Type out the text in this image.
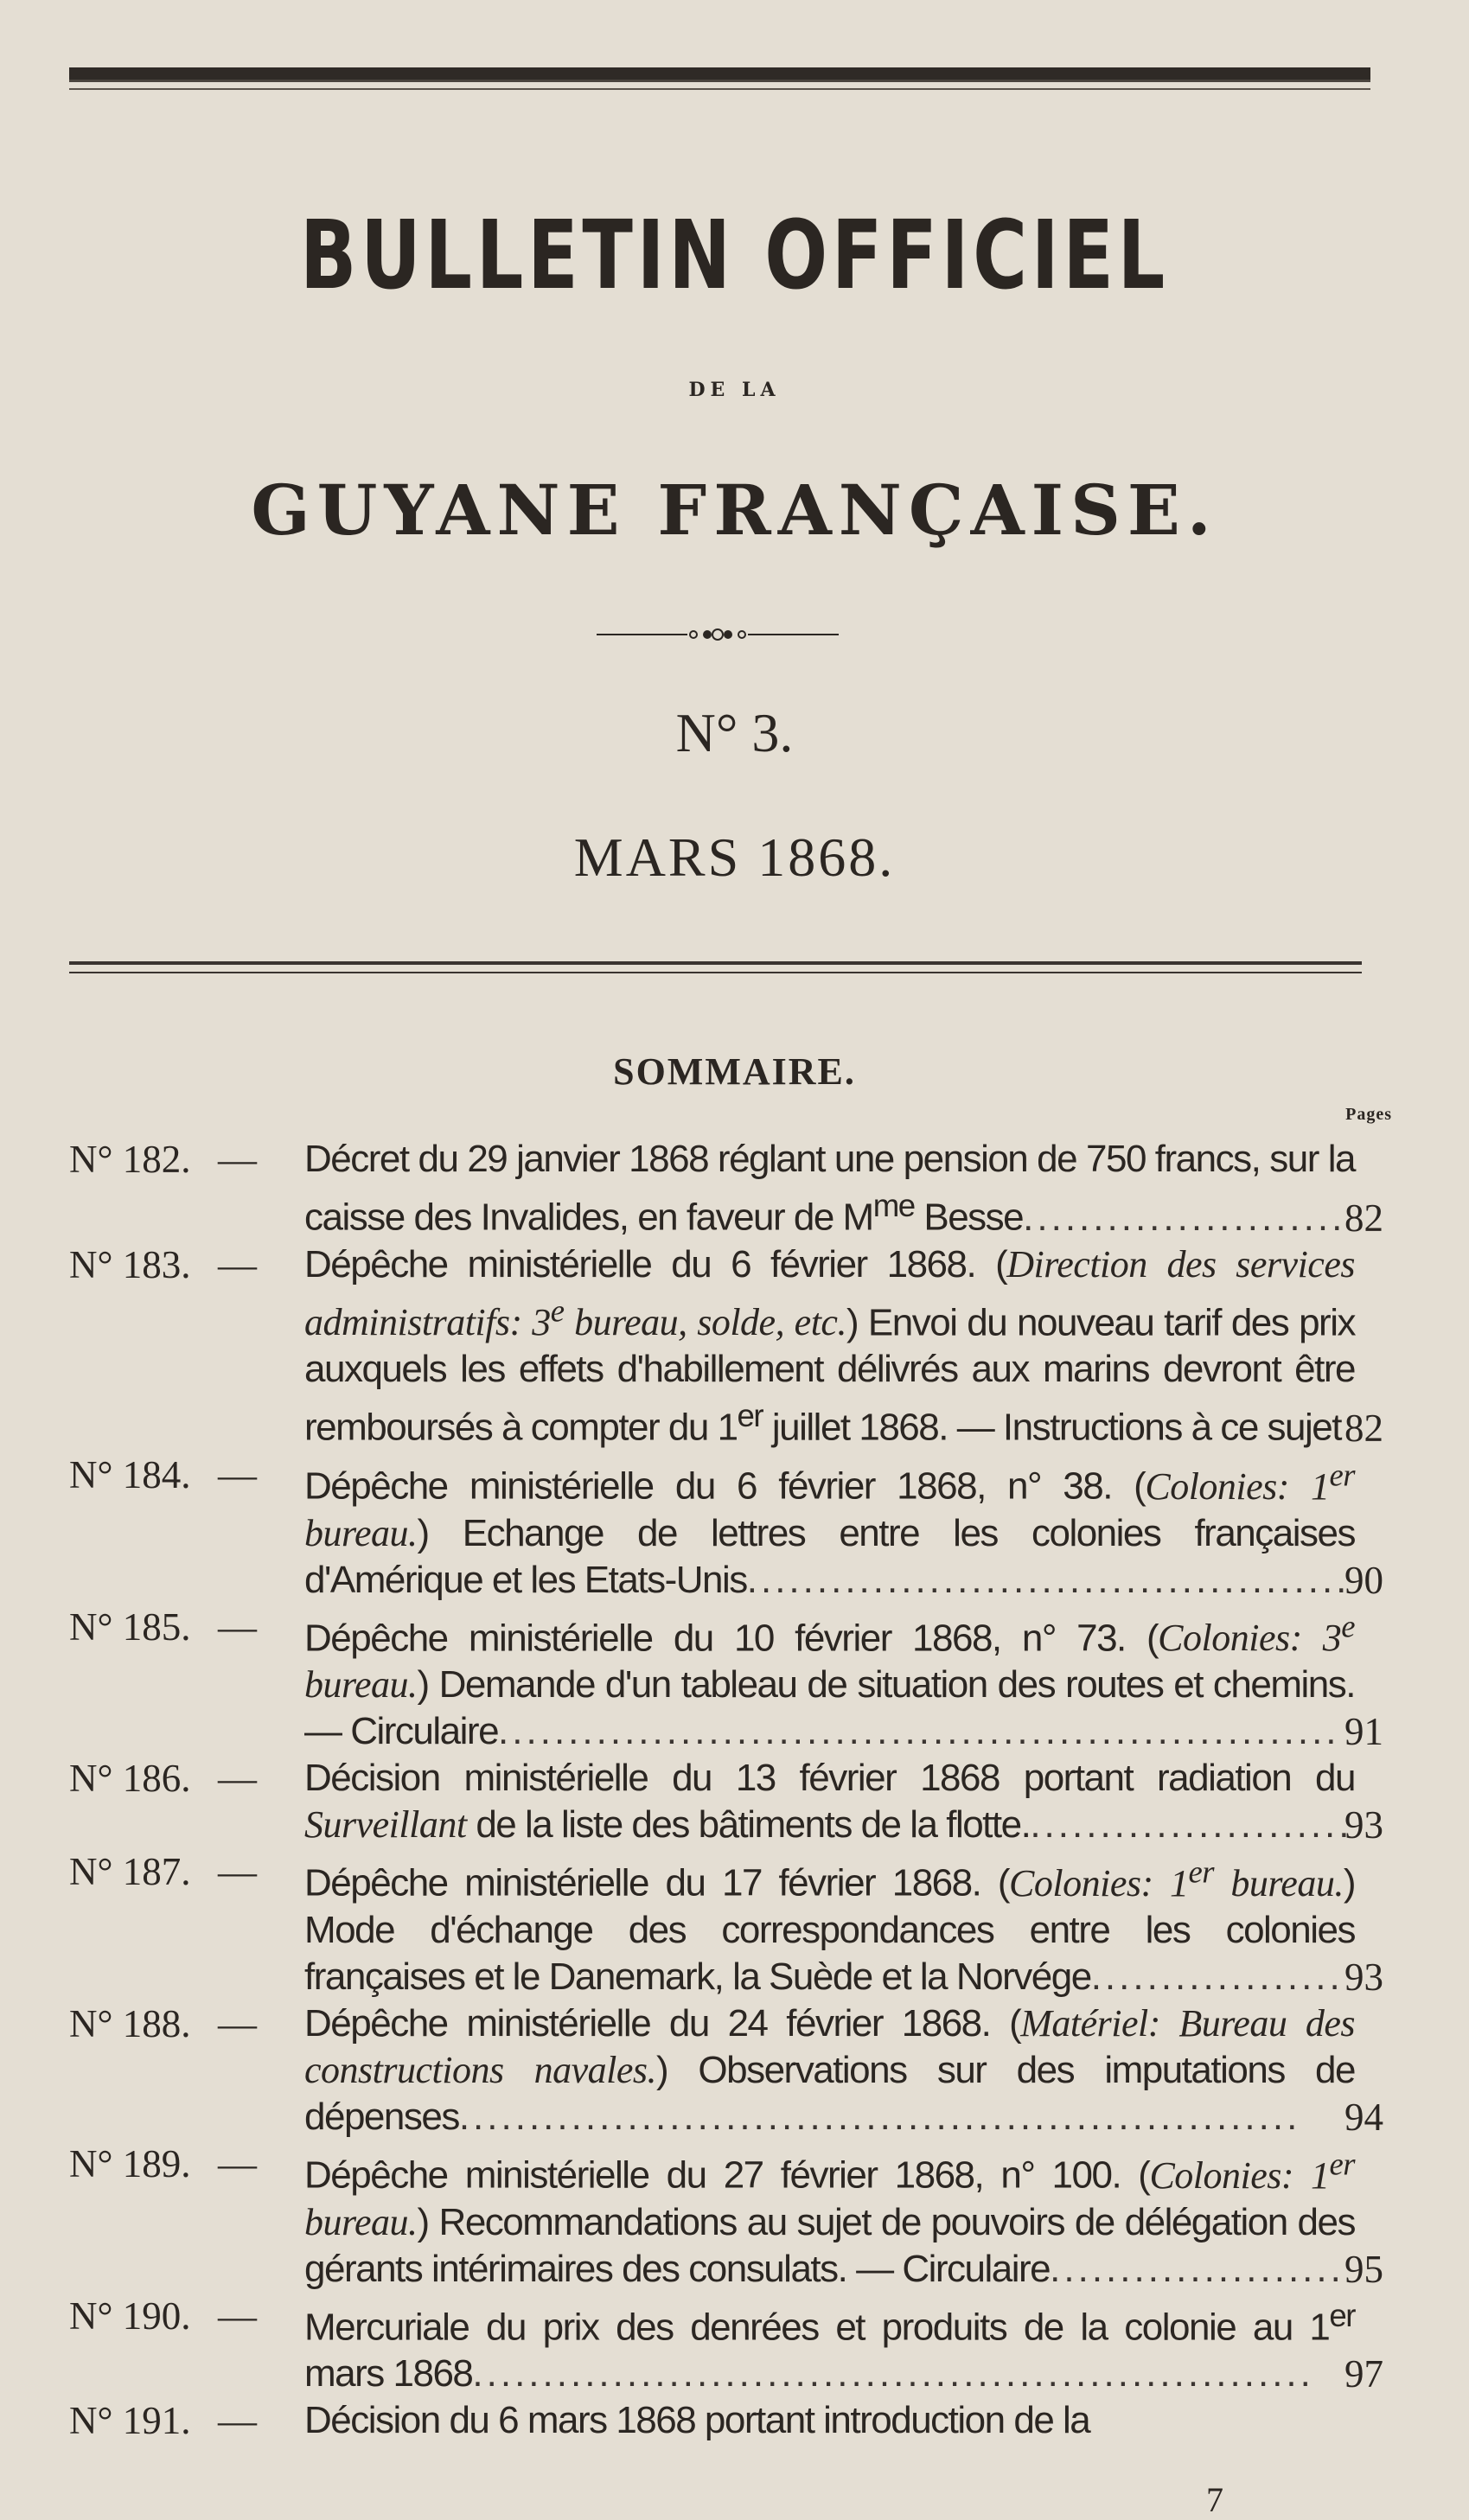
BULLETIN OFFICIEL
DE LA
GUYANE FRANÇAISE.
N° 3.
MARS 1868.
SOMMAIRE.
Pages
N° 182. — Décret du 29 janvier 1868 réglant une pension de 750 francs, sur la caisse des Invalides, en faveur de $M^{me}$ Besse.......................
82
N° 183. — Dépêche ministérielle du 6 février 1868. (Direction des services administratifs: 3e bureau, solde, etc.) Envoi du nouveau tarif des prix auxquels les effets d'habillement délivrés aux marins devront être remboursés à compter du 1er juillet 1868. — Instructions à ce sujet 82
N° 184. — Dépêche ministérielle du 6 février 1868, n° 38. (Colonies: 1er bureau.) Echange de lettres entre les colonies françaises d'Amérique et les Etats-Unis...........................................
90
N° 185. — Dépêche ministérielle du 10 février 1868, n° 73. (Colonies: 3e bureau.) Demande d'un tableau de situation des routes et chemins. — Circulaire............................................................ 91
N° 186. — Décision ministérielle du 13 février 1868 portant radiation du Surveillant de la liste des bâtiments de la flotte........................
93
N° 187. — Dépêche ministérielle du 17 février 1868. (Colonies: 1er bureau.) Mode d'échange des correspondances entre les colonies françaises et le Danemark, la Suède et la Norvége.................. 93
N° 188. — Dépêche ministérielle du 24 février 1868. (Matériel: Bureau des constructions navales.) Observations sur des imputations de dépenses............................................................	94
N° 189. — Dépêche ministérielle du 27 février 1868, n° 100. (Colonies: 1er bureau.) Recommandations au sujet de pouvoirs de délégation des gérants intérimaires des consulats. — Circulaire..................... 95
N° 190. — Mercuriale du prix des denrées et produits de la colonie au 1er mars 1868............................................................ 97
N° 191. — Décision du 6 mars 1868 portant introduction de la
7
